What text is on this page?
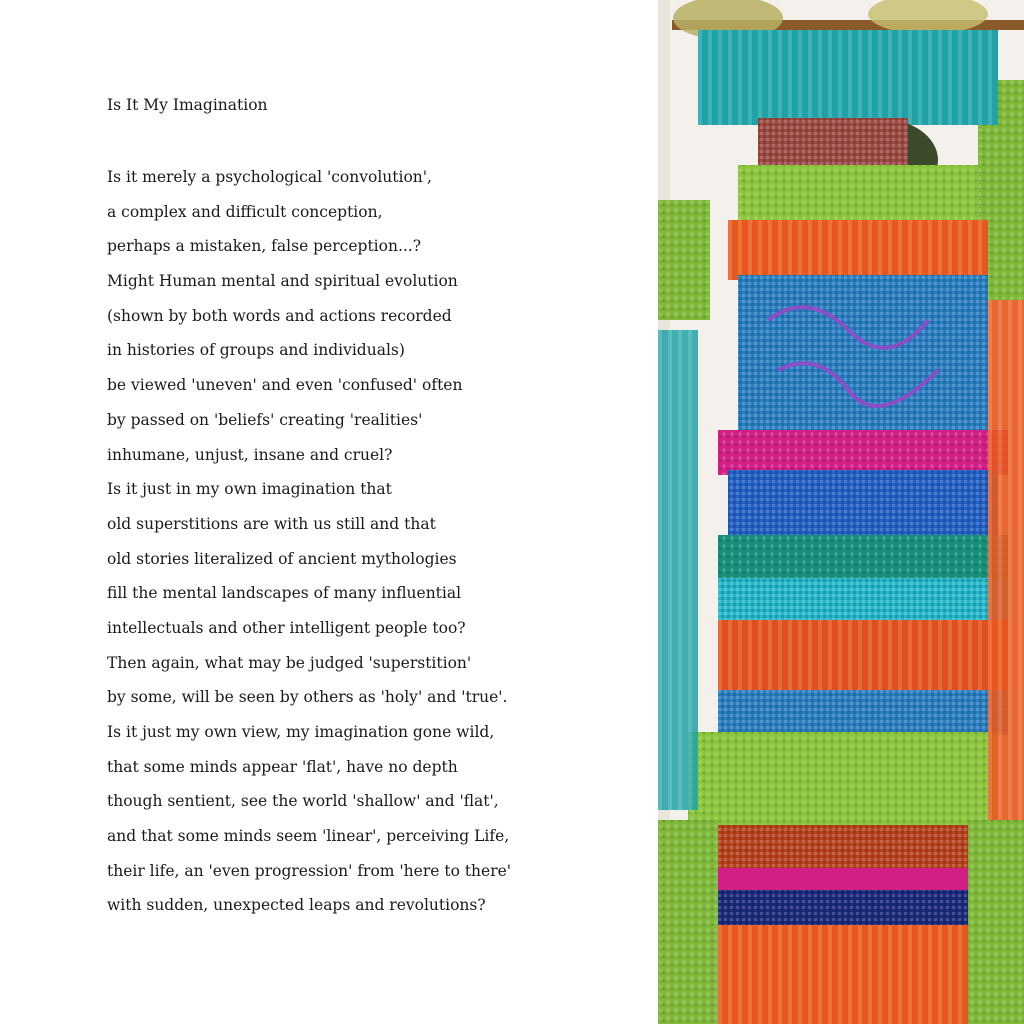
Is It My Imagination
Is it merely a psychological 'convolution',
a complex and difficult conception,
perhaps a mistaken, false perception...?
Might Human mental and spiritual evolution
(shown by both words and actions recorded
in histories of groups and individuals)
be viewed 'uneven' and even 'confused' often
by passed on 'beliefs' creating 'realities'
inhumane, unjust, insane and cruel?
Is it just in my own imagination that
old superstitions are with us still and that
old stories literalized of ancient mythologies
fill the mental landscapes of many influential
intellectuals and other intelligent people too?
Then again, what may be judged 'superstition'
by some, will be seen by others as 'holy' and 'true'.
Is it just my own view, my imagination gone wild,
that some minds appear 'flat', have no depth
though sentient, see the world 'shallow' and 'flat',
and that some minds seem 'linear', perceiving Life,
their life, an 'even progression' from 'here to there'
with sudden, unexpected leaps and revolutions?
